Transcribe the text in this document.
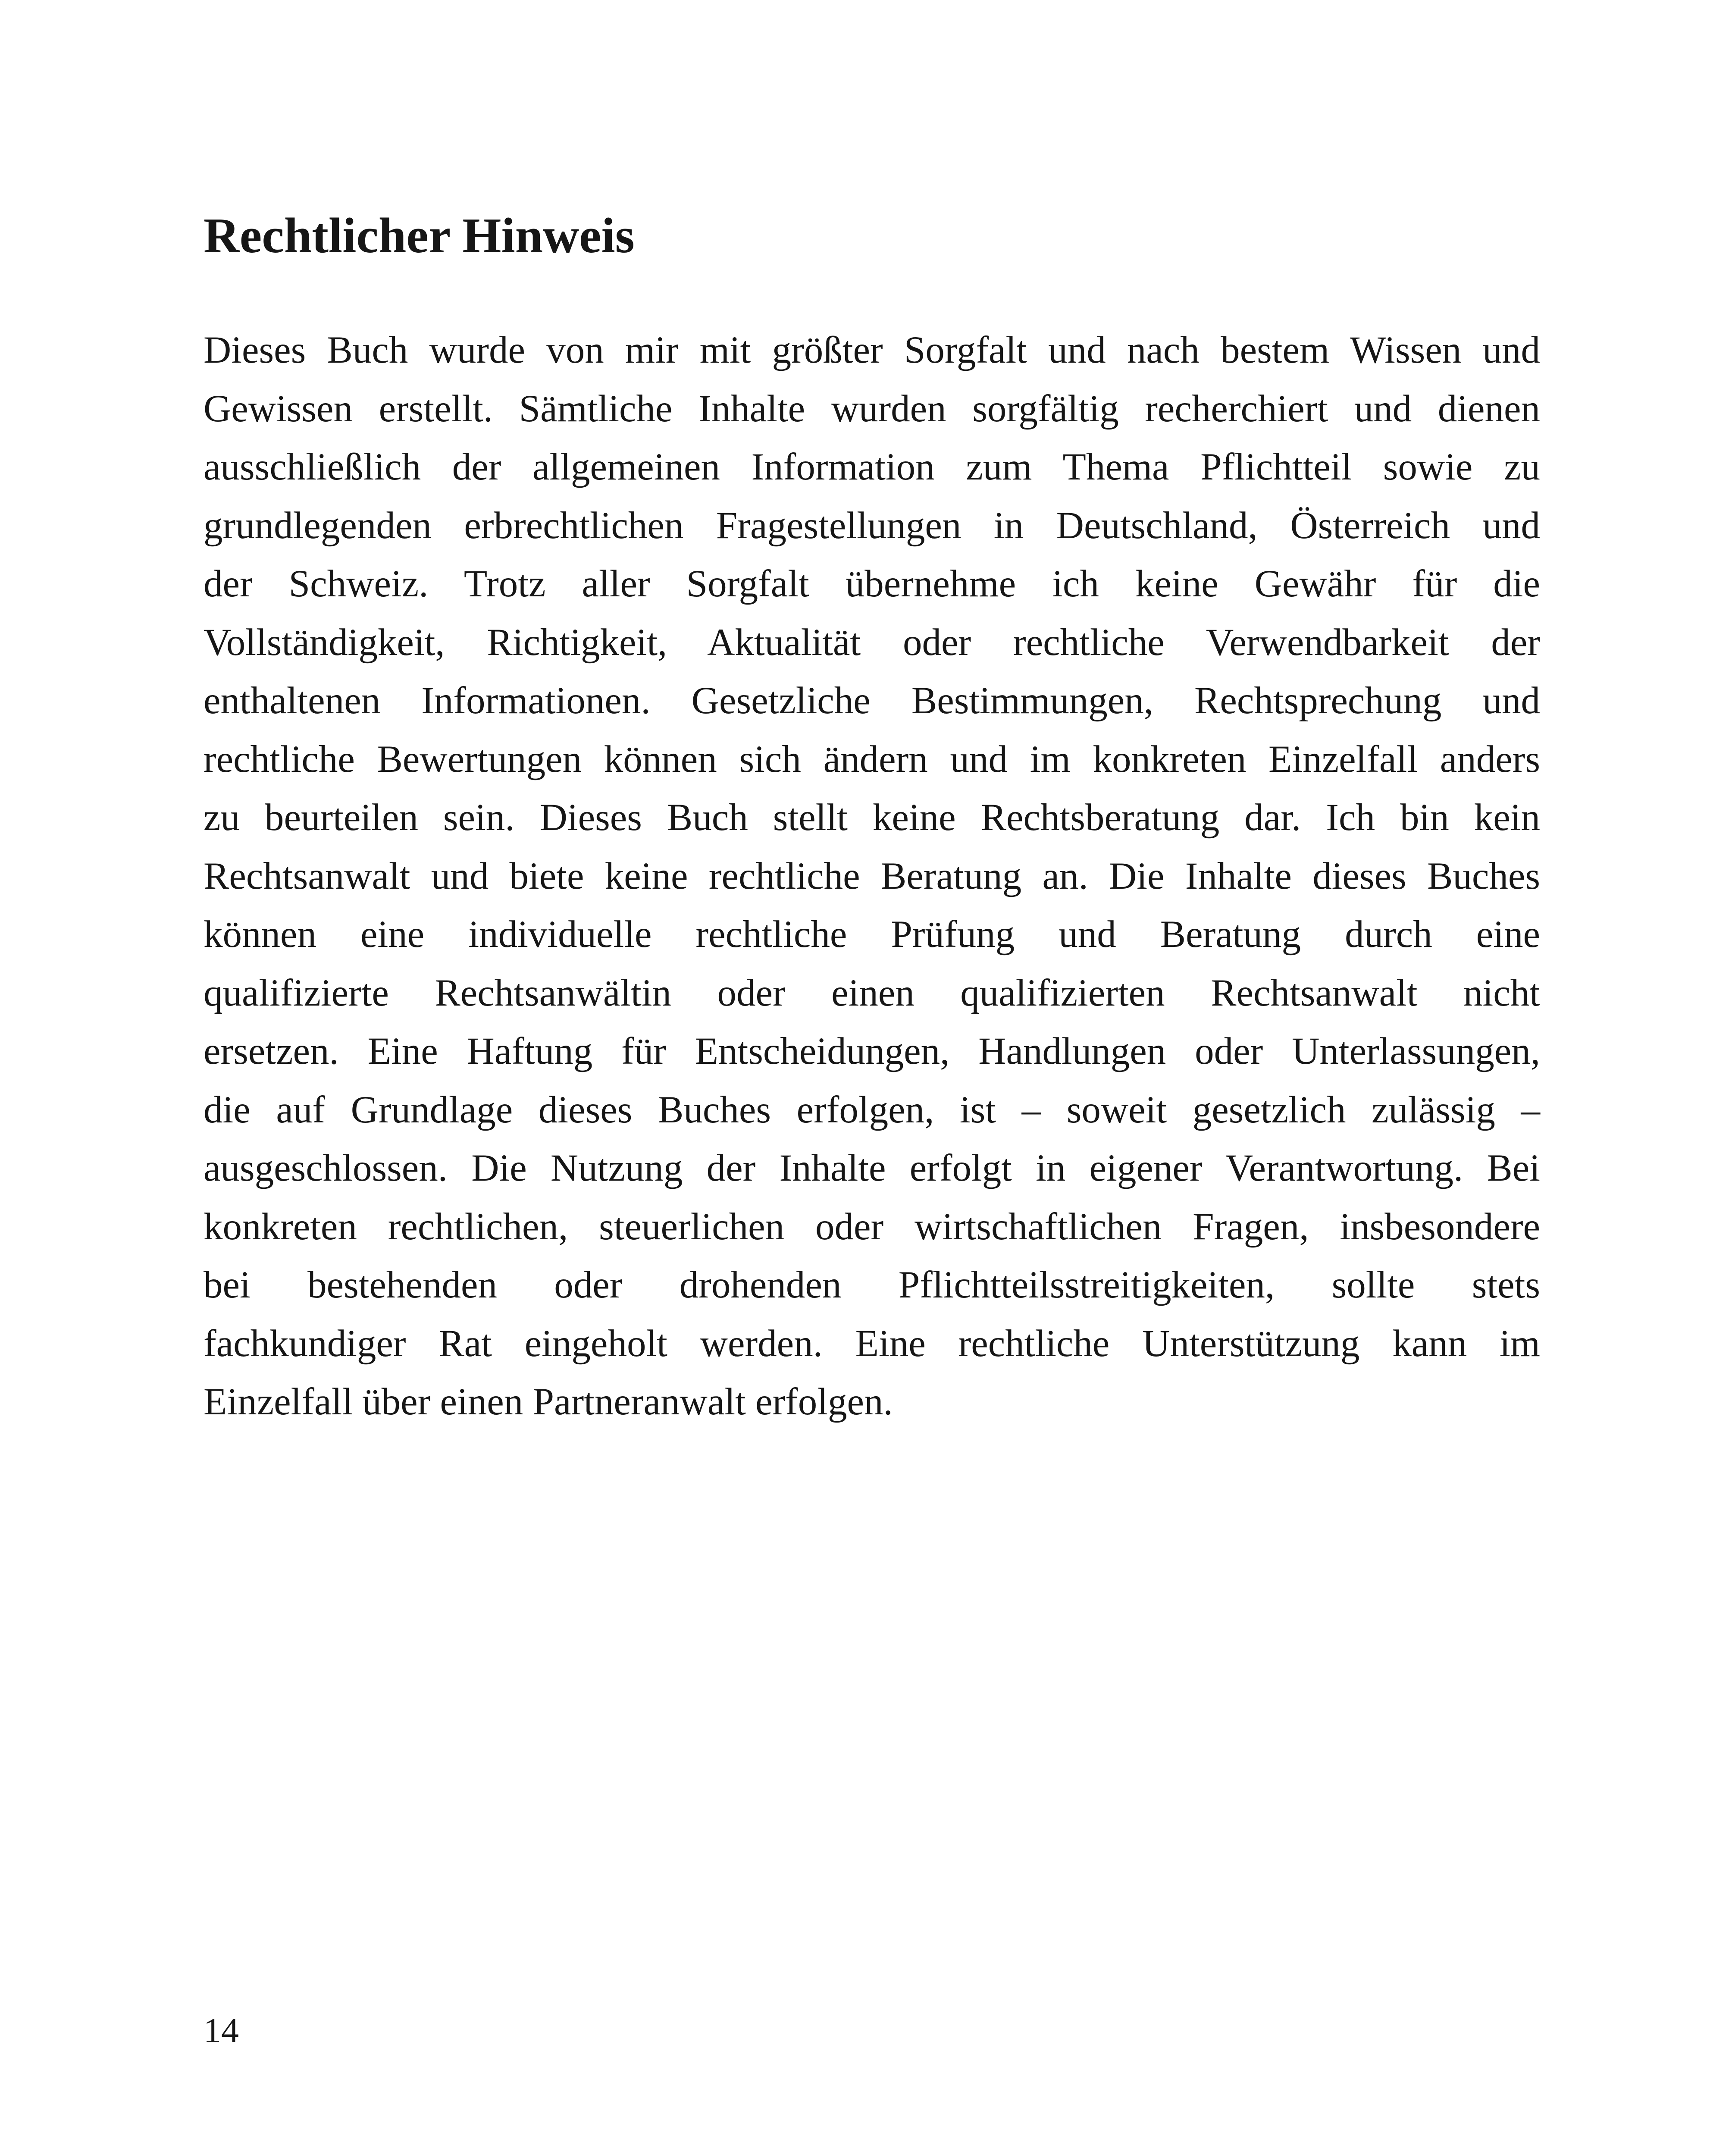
Rechtlicher Hinweis

Dieses Buch wurde von mir mit größter Sorgfalt und nach bestem Wissen und
Gewissen erstellt. Sämtliche Inhalte wurden sorgfältig recherchiert und dienen
ausschließlich der allgemeinen Information zum Thema Pflichtteil sowie zu
grundlegenden erbrechtlichen Fragestellungen in Deutschland, Österreich und
der Schweiz. Trotz aller Sorgfalt übernehme ich keine Gewähr für die
Vollständigkeit, Richtigkeit, Aktualität oder rechtliche Verwendbarkeit der
enthaltenen Informationen. Gesetzliche Bestimmungen, Rechtsprechung und
rechtliche Bewertungen können sich ändern und im konkreten Einzelfall anders
zu beurteilen sein. Dieses Buch stellt keine Rechtsberatung dar. Ich bin kein
Rechtsanwalt und biete keine rechtliche Beratung an. Die Inhalte dieses Buches
können eine individuelle rechtliche Prüfung und Beratung durch eine
qualifizierte Rechtsanwältin oder einen qualifizierten Rechtsanwalt nicht
ersetzen. Eine Haftung für Entscheidungen, Handlungen oder Unterlassungen,
die auf Grundlage dieses Buches erfolgen, ist – soweit gesetzlich zulässig –
ausgeschlossen. Die Nutzung der Inhalte erfolgt in eigener Verantwortung. Bei
konkreten rechtlichen, steuerlichen oder wirtschaftlichen Fragen, insbesondere
bei bestehenden oder drohenden Pflichtteilsstreitigkeiten, sollte stets
fachkundiger Rat eingeholt werden. Eine rechtliche Unterstützung kann im
Einzelfall über einen Partneranwalt erfolgen.

14
